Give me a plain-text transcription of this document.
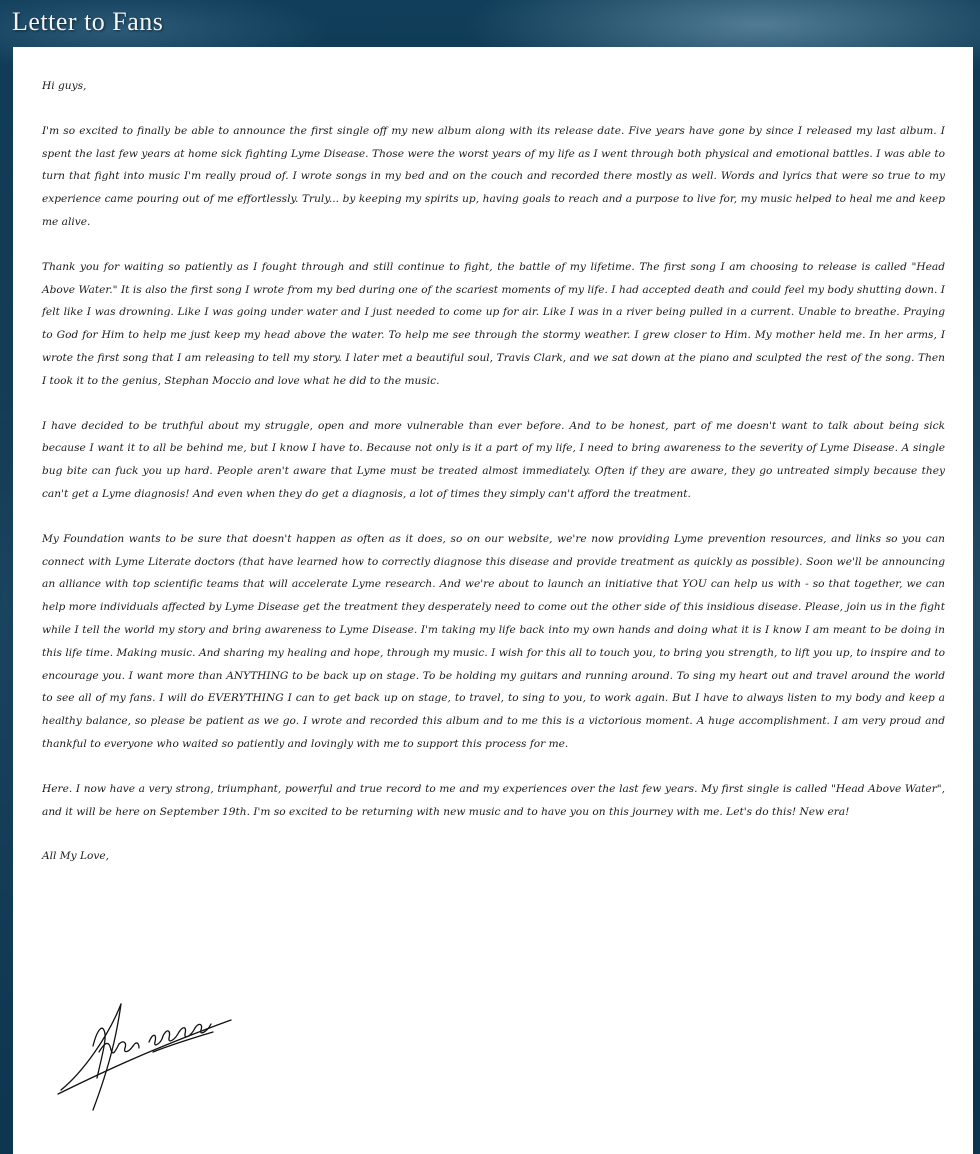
Letter to Fans

Hi guys,

I'm so excited to finally be able to announce the first single off my new album along with its release date. Five years have gone by since I released my last album. I spent the last few years at home sick fighting Lyme Disease. Those were the worst years of my life as I went through both physical and emotional battles. I was able to turn that fight into music I'm really proud of. I wrote songs in my bed and on the couch and recorded there mostly as well. Words and lyrics that were so true to my experience came pouring out of me effortlessly. Truly... by keeping my spirits up, having goals to reach and a purpose to live for, my music helped to heal me and keep me alive.

Thank you for waiting so patiently as I fought through and still continue to fight, the battle of my lifetime. The first song I am choosing to release is called "Head Above Water." It is also the first song I wrote from my bed during one of the scariest moments of my life. I had accepted death and could feel my body shutting down. I felt like I was drowning. Like I was going under water and I just needed to come up for air. Like I was in a river being pulled in a current. Unable to breathe. Praying to God for Him to help me just keep my head above the water. To help me see through the stormy weather. I grew closer to Him. My mother held me. In her arms, I wrote the first song that I am releasing to tell my story. I later met a beautiful soul, Travis Clark, and we sat down at the piano and sculpted the rest of the song. Then I took it to the genius, Stephan Moccio and love what he did to the music.

I have decided to be truthful about my struggle, open and more vulnerable than ever before. And to be honest, part of me doesn't want to talk about being sick because I want it to all be behind me, but I know I have to. Because not only is it a part of my life, I need to bring awareness to the severity of Lyme Disease. A single bug bite can fuck you up hard. People aren't aware that Lyme must be treated almost immediately. Often if they are aware, they go untreated simply because they can't get a Lyme diagnosis! And even when they do get a diagnosis, a lot of times they simply can't afford the treatment.

My Foundation wants to be sure that doesn't happen as often as it does, so on our website, we're now providing Lyme prevention resources, and links so you can connect with Lyme Literate doctors (that have learned how to correctly diagnose this disease and provide treatment as quickly as possible). Soon we'll be announcing an alliance with top scientific teams that will accelerate Lyme research. And we're about to launch an initiative that YOU can help us with - so that together, we can help more individuals affected by Lyme Disease get the treatment they desperately need to come out the other side of this insidious disease. Please, join us in the fight while I tell the world my story and bring awareness to Lyme Disease. I'm taking my life back into my own hands and doing what it is I know I am meant to be doing in this life time. Making music. And sharing my healing and hope, through my music. I wish for this all to touch you, to bring you strength, to lift you up, to inspire and to encourage you. I want more than ANYTHING to be back up on stage. To be holding my guitars and running around. To sing my heart out and travel around the world to see all of my fans. I will do EVERYTHING I can to get back up on stage, to travel, to sing to you, to work again. But I have to always listen to my body and keep a healthy balance, so please be patient as we go. I wrote and recorded this album and to me this is a victorious moment. A huge accomplishment. I am very proud and thankful to everyone who waited so patiently and lovingly with me to support this process for me.

Here. I now have a very strong, triumphant, powerful and true record to me and my experiences over the last few years. My first single is called "Head Above Water", and it will be here on September 19th. I'm so excited to be returning with new music and to have you on this journey with me. Let's do this! New era!

All My Love,
